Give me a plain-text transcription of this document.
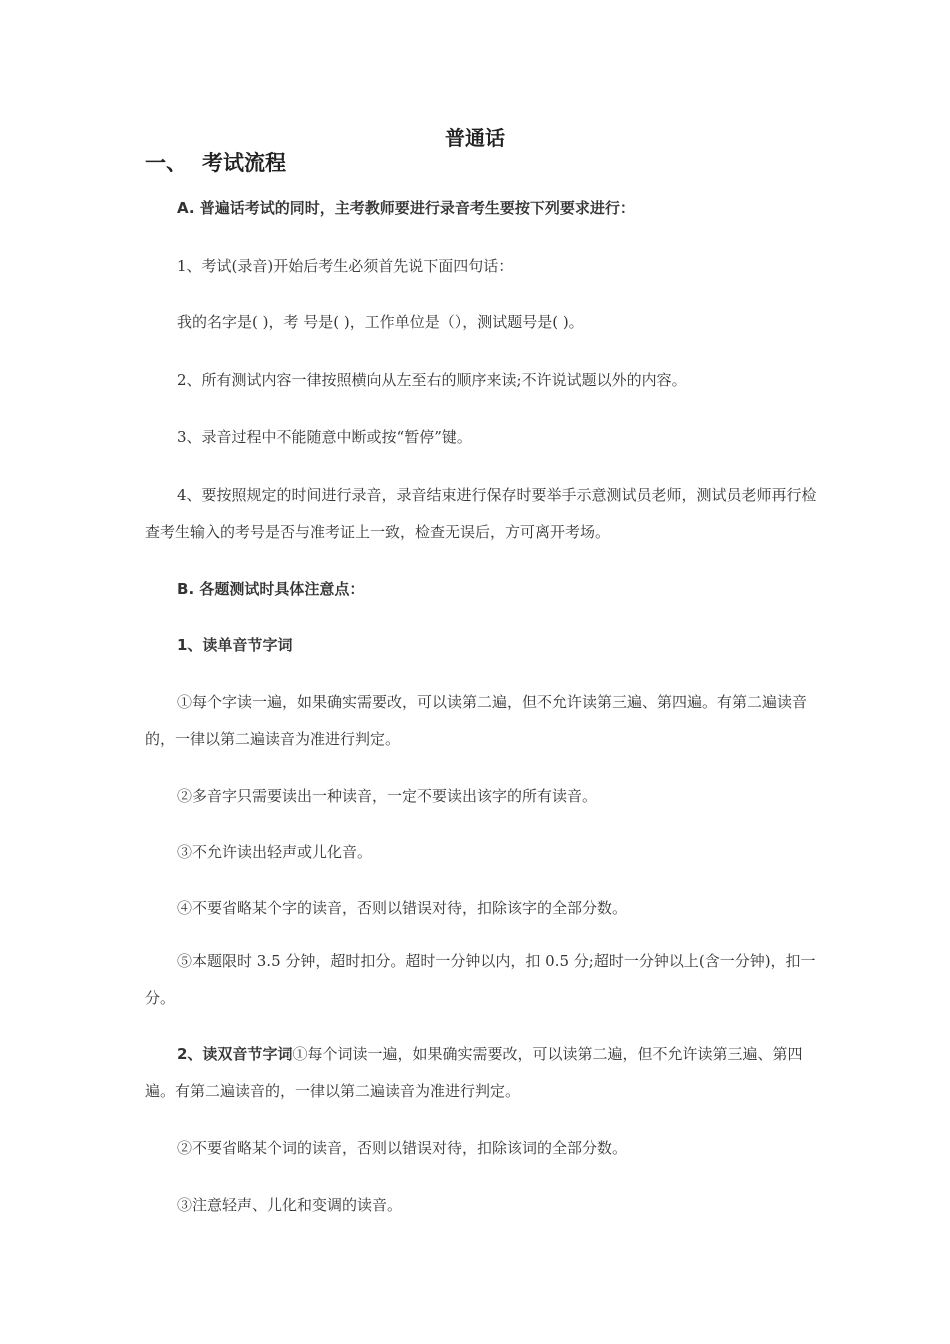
普通话
一、 考试流程

A. 普遍话考试的同时，主考教师要进行录音考生要按下列要求进行：

1、考试(录音)开始后考生必须首先说下面四句话：

我的名字是( )，考 号是( )，工作单位是（），测试题号是( )。

2、所有测试内容一律按照横向从左至右的顺序来读;不许说试题以外的内容。

3、录音过程中不能随意中断或按“暂停”键。

4、要按照规定的时间进行录音，录音结束进行保存时要举手示意测试员老师，测试员老师再行检查考生输入的考号是否与准考证上一致，检查无误后，方可离开考场。

B. 各题测试时具体注意点：

1、读单音节字词

①每个字读一遍，如果确实需要改，可以读第二遍，但不允许读第三遍、第四遍。有第二遍读音的，一律以第二遍读音为准进行判定。

②多音字只需要读出一种读音，一定不要读出该字的所有读音。

③不允许读出轻声或儿化音。

④不要省略某个字的读音，否则以错误对待，扣除该字的全部分数。

⑤本题限时 3.5 分钟，超时扣分。超时一分钟以内，扣 0.5 分;超时一分钟以上(含一分钟)，扣一分。

2、读双音节字词①每个词读一遍，如果确实需要改，可以读第二遍，但不允许读第三遍、第四遍。有第二遍读音的，一律以第二遍读音为准进行判定。

②不要省略某个词的读音，否则以错误对待，扣除该词的全部分数。

③注意轻声、儿化和变调的读音。
